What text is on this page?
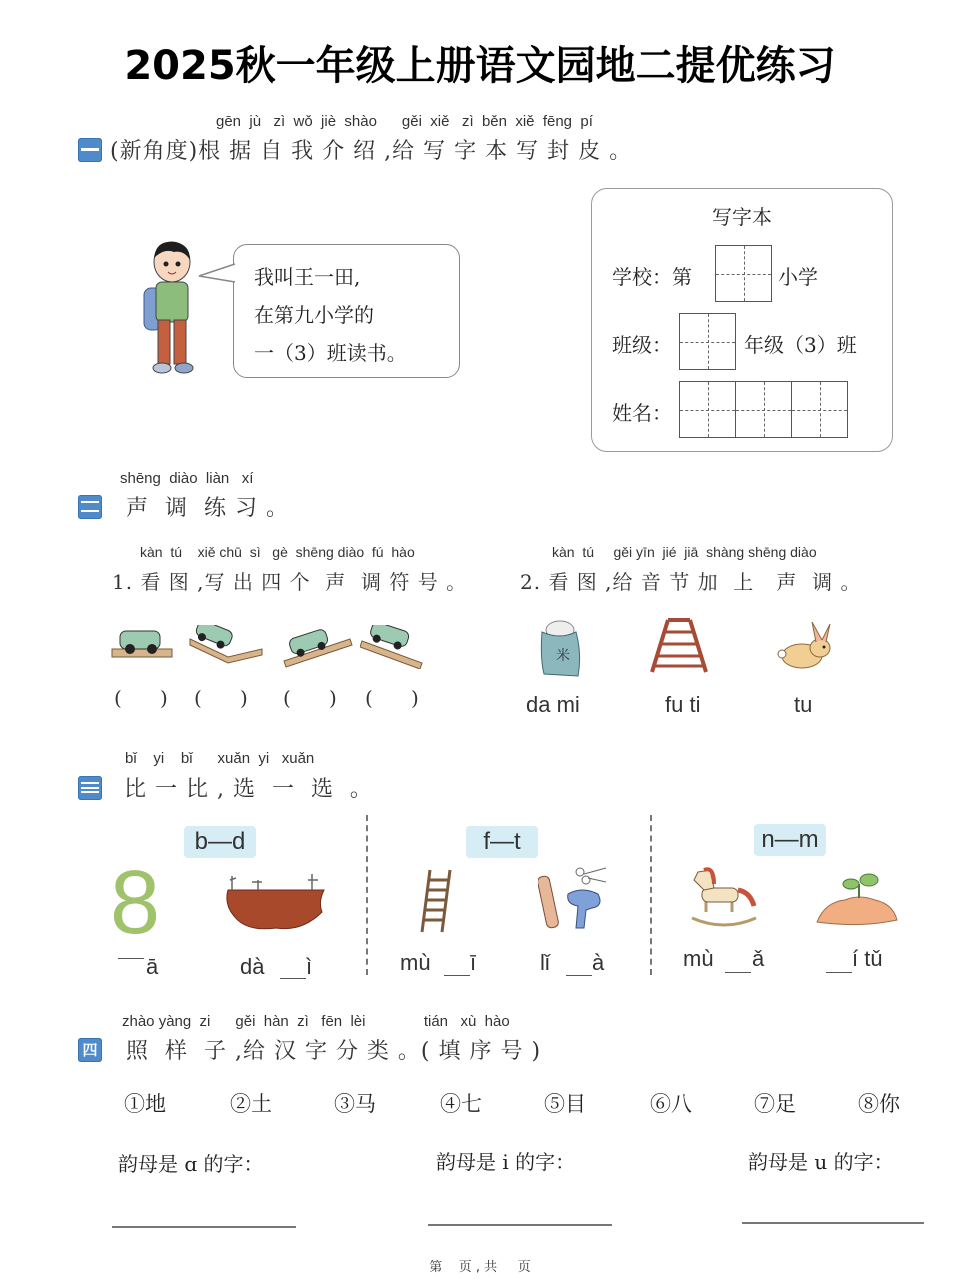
2025秋一年级上册语文园地二提优练习
gēn  jù   zì  wǒ  jiè  shào      gěi  xiě   zì  běn  xiě  fēng  pí
(新角度)根 据 自 我 介 绍 ,给 写 字 本 写 封 皮 。
我叫王一田,
在第九小学的
一（3）班读书。
写字本
学校：第	小学
班级：	年级（3）班
姓名：
shēng  diào  liàn   xí
声  调  练 习 。
kàn  tú    xiě chū  sì   gè  shēng diào  fú  hào
1. 看 图 ,写 出 四 个  声  调 符 号 。
kàn  tú     gěi yīn  jié  jiā  shàng shēng diào
2. 看 图 ,给 音 节 加  上   声  调 。
(      ) (      ) (      ) (      )
米
da mi	fu ti	tu
bǐ    yi    bǐ      xuǎn  yi   xuǎn
比 一 比 , 选  一  选  。
b—d
8
ā	dà ì
f—t
mù ī	lǐ à
n—m
mù ǎ	í tǔ
zhào yàng  zi      gěi  hàn  zì   fēn  lèi              tián   xù  hào
四 照  样  子 ,给 汉 字 分 类 。( 填 序 号 )
①地	②土	③马	④七	⑤目	⑥八	⑦足	⑧你
韵母是 ɑ 的字：	韵母是 i 的字：	韵母是 u 的字：
第    页 , 共     页
